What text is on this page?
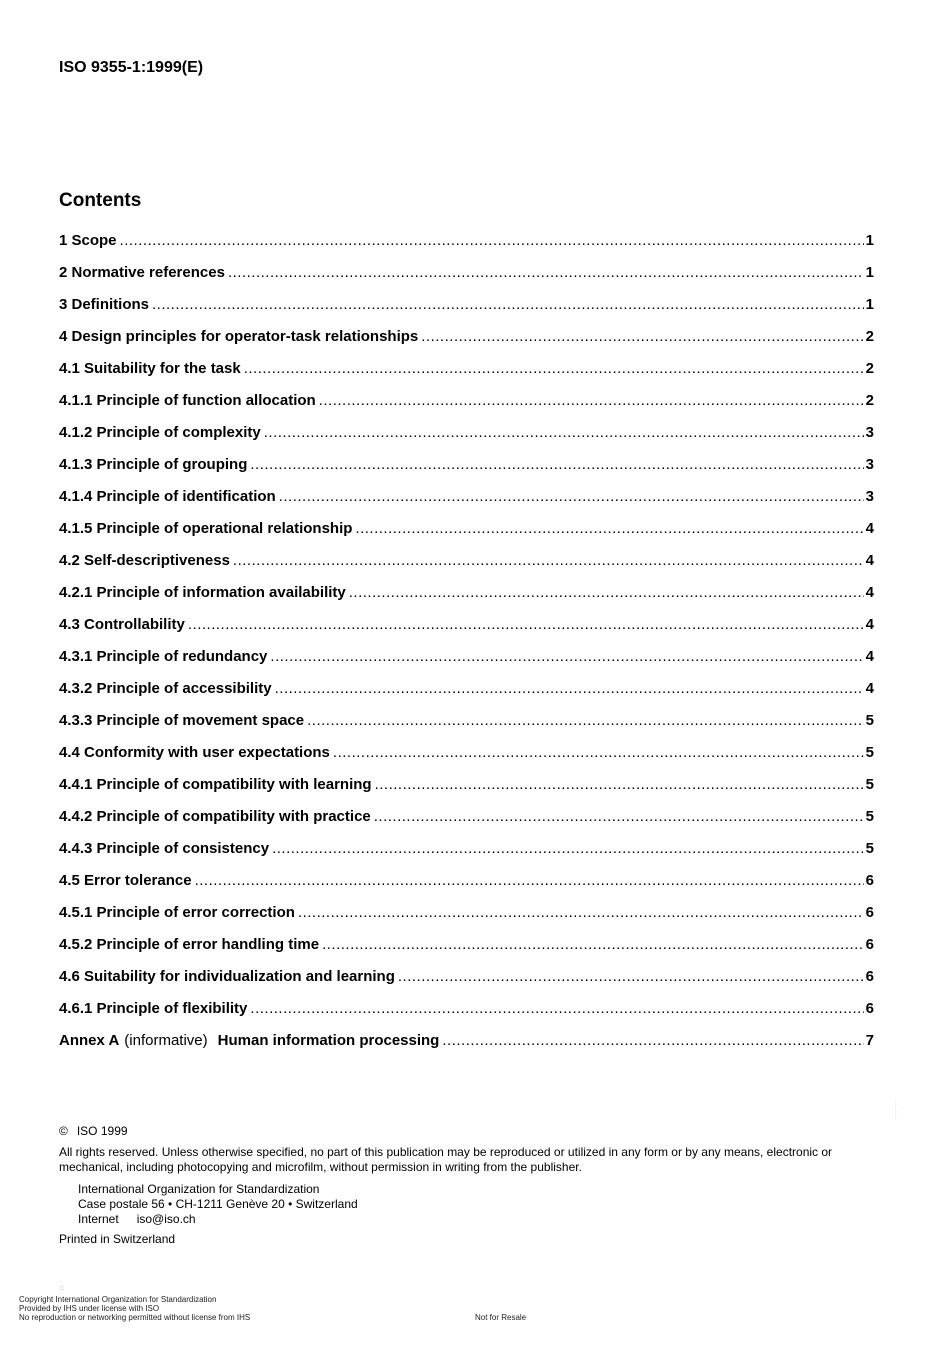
ISO 9355-1:1999(E)
Contents
1 Scope .....	1
2 Normative references .....	1
3 Definitions .....	1
4 Design principles for operator-task relationships .....	2
4.1 Suitability for the task .....	2
4.1.1 Principle of function allocation .....	2
4.1.2 Principle of complexity .....	3
4.1.3 Principle of grouping .....	3
4.1.4 Principle of identification .....	3
4.1.5 Principle of operational relationship .....	4
4.2 Self-descriptiveness .....	4
4.2.1 Principle of information availability .....	4
4.3 Controllability .....	4
4.3.1 Principle of redundancy .....	4
4.3.2 Principle of accessibility .....	4
4.3.3 Principle of movement space .....	5
4.4 Conformity with user expectations .....	5
4.4.1 Principle of compatibility with learning .....	5
4.4.2 Principle of compatibility with practice .....	5
4.4.3 Principle of consistency .....	5
4.5 Error tolerance .....	6
4.5.1 Principle of error correction .....	6
4.5.2 Principle of error handling time .....	6
4.6 Suitability for individualization and learning .....	6
4.6.1 Principle of flexibility .....	6
Annex A (informative) Human information processing .....	7
© ISO 1999
All rights reserved. Unless otherwise specified, no part of this publication may be reproduced or utilized in any form or by any means, electronic or mechanical, including photocopying and microfilm, without permission in writing from the publisher.
International Organization for Standardization
Case postale 56 • CH-1211 Genève 20 • Switzerland
Internet iso@iso.ch
Printed in Switzerland
..........:....:..
::
Copyright International Organization for Standardization
Provided by IHS under license with ISO
No reproduction or networking permitted without license from IHS	Not for Resale
